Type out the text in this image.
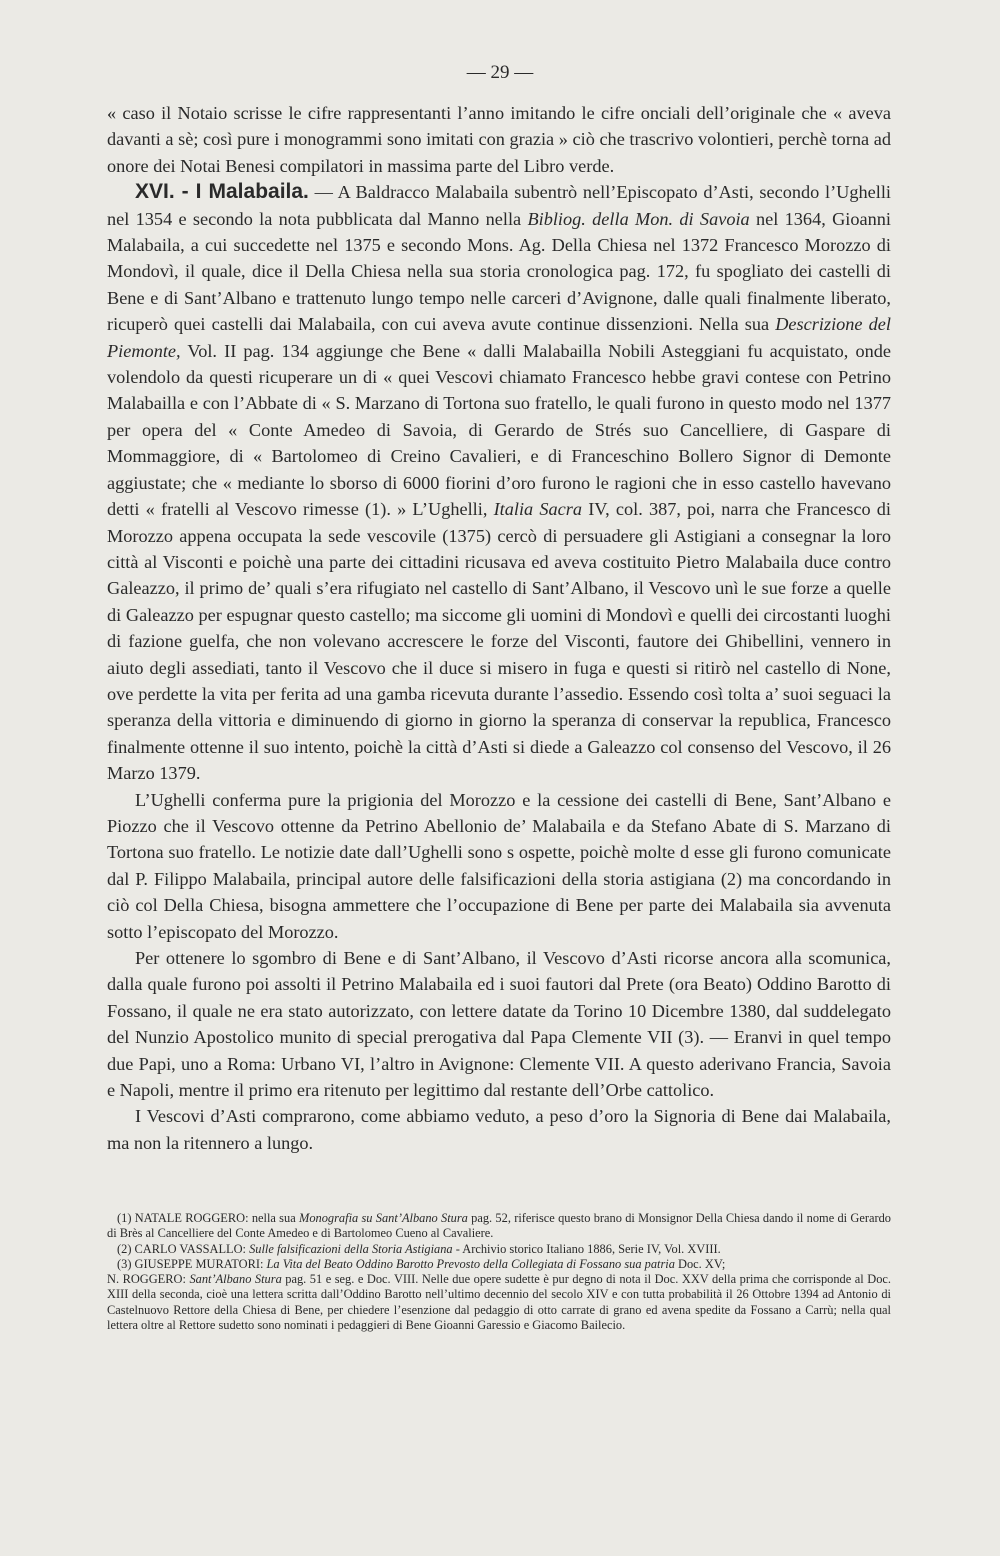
— 29 —

« caso il Notaio scrisse le cifre rappresentanti l’anno imitando le cifre onciali dell’originale che « aveva davanti a sè; così pure i monogrammi sono imitati con grazia » ciò che trascrivo volontieri, perchè torna ad onore dei Notai Benesi compilatori in massima parte del Libro verde.

XVI. - I Malabaila. — A Baldracco Malabaila subentrò nell’Episcopato d’Asti, secondo l’Ughelli nel 1354 e secondo la nota pubblicata dal Manno nella Bibliog. della Mon. di Savoia nel 1364, Gioanni Malabaila, a cui succedette nel 1375 e secondo Mons. Ag. Della Chiesa nel 1372 Francesco Morozzo di Mondovì, il quale, dice il Della Chiesa nella sua storia cronologica pag. 172, fu spogliato dei castelli di Bene e di Sant’Albano e trattenuto lungo tempo nelle carceri d’Avignone, dalle quali finalmente liberato, ricuperò quei castelli dai Malabaila, con cui aveva avute continue dissenzioni. Nella sua Descrizione del Piemonte, Vol. II pag. 134 aggiunge che Bene « dalli Malabailla Nobili Asteggiani fu acquistato, onde volendolo da questi ricuperare un di « quei Vescovi chiamato Francesco hebbe gravi contese con Petrino Malabailla e con l’Abbate di « S. Marzano di Tortona suo fratello, le quali furono in questo modo nel 1377 per opera del « Conte Amedeo di Savoia, di Gerardo de Strés suo Cancelliere, di Gaspare di Mommaggiore, di « Bartolomeo di Creino Cavalieri, e di Franceschino Bollero Signor di Demonte aggiustate; che « mediante lo sborso di 6000 fiorini d’oro furono le ragioni che in esso castello havevano detti « fratelli al Vescovo rimesse (1). » L’Ughelli, Italia Sacra IV, col. 387, poi, narra che Francesco di Morozzo appena occupata la sede vescovile (1375) cercò di persuadere gli Astigiani a consegnar la loro città al Visconti e poichè una parte dei cittadini ricusava ed aveva costituito Pietro Malabaila duce contro Galeazzo, il primo de’ quali s’era rifugiato nel castello di Sant’Albano, il Vescovo unì le sue forze a quelle di Galeazzo per espugnar questo castello; ma siccome gli uomini di Mondovì e quelli dei circostanti luoghi di fazione guelfa, che non volevano accrescere le forze del Visconti, fautore dei Ghibellini, vennero in aiuto degli assediati, tanto il Vescovo che il duce si misero in fuga e questi si ritirò nel castello di None, ove perdette la vita per ferita ad una gamba ricevuta durante l’assedio. Essendo così tolta a’ suoi seguaci la speranza della vittoria e diminuendo di giorno in giorno la speranza di conservar la republica, Francesco finalmente ottenne il suo intento, poichè la città d’Asti si diede a Galeazzo col consenso del Vescovo, il 26 Marzo 1379.

L’Ughelli conferma pure la prigionia del Morozzo e la cessione dei castelli di Bene, Sant’Albano e Piozzo che il Vescovo ottenne da Petrino Abellonio de’ Malabaila e da Stefano Abate di S. Marzano di Tortona suo fratello. Le notizie date dall’Ughelli sono s ospette, poichè molte d esse gli furono comunicate dal P. Filippo Malabaila, principal autore delle falsificazioni della storia astigiana (2) ma concordando in ciò col Della Chiesa, bisogna ammettere che l’occupazione di Bene per parte dei Malabaila sia avvenuta sotto l’episcopato del Morozzo.

Per ottenere lo sgombro di Bene e di Sant’Albano, il Vescovo d’Asti ricorse ancora alla scomunica, dalla quale furono poi assolti il Petrino Malabaila ed i suoi fautori dal Prete (ora Beato) Oddino Barotto di Fossano, il quale ne era stato autorizzato, con lettere datate da Torino 10 Dicembre 1380, dal suddelegato del Nunzio Apostolico munito di special prerogativa dal Papa Clemente VII (3). — Eranvi in quel tempo due Papi, uno a Roma: Urbano VI, l’altro in Avignone: Clemente VII. A questo aderivano Francia, Savoia e Napoli, mentre il primo era ritenuto per legittimo dal restante dell’Orbe cattolico.

I Vescovi d’Asti comprarono, come abbiamo veduto, a peso d’oro la Signoria di Bene dai Malabaila, ma non la ritennero a lungo.

(1) NATALE ROGGERO: nella sua Monografia su Sant’Albano Stura pag. 52, riferisce questo brano di Monsignor Della Chiesa dando il nome di Gerardo di Brès al Cancelliere del Conte Amedeo e di Bartolomeo Cueno al Cavaliere.

(2) CARLO VASSALLO: Sulle falsificazioni della Storia Astigiana - Archivio storico Italiano 1886, Serie IV, Vol. XVIII.

(3) GIUSEPPE MURATORI: La Vita del Beato Oddino Barotto Prevosto della Collegiata di Fossano sua patria Doc. XV;

N. ROGGERO: Sant’Albano Stura pag. 51 e seg. e Doc. VIII. Nelle due opere sudette è pur degno di nota il Doc. XXV della prima che corrisponde al Doc. XIII della seconda, cioè una lettera scritta dall’Oddino Barotto nell’ultimo decennio del secolo XIV e con tutta probabilità il 26 Ottobre 1394 ad Antonio di Castelnuovo Rettore della Chiesa di Bene, per chiedere l’esenzione dal pedaggio di otto carrate di grano ed avena spedite da Fossano a Carrù; nella qual lettera oltre al Rettore sudetto sono nominati i pedaggieri di Bene Gioanni Garessio e Giacomo Bailecio.
